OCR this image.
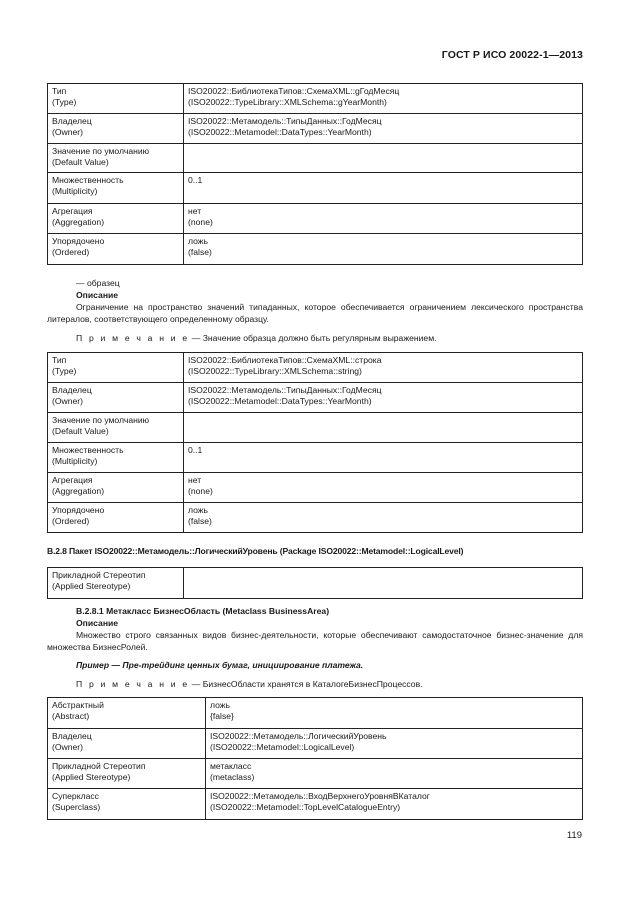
ГОСТ Р ИСО 20022-1—2013
Тип
(Type)	ISO20022::БиблиотекаТипов::СхемаXML::gГодМесяц
(ISO20022::TypeLibrary::XMLSchema::gYearMonth)

Владелец
(Owner)	ISO20022::Метамодель::ТипыДанных::ГодМесяц
(ISO20022::Metamodel::DataTypes::YearMonth)

Значение по умолчанию
(Default Value)	

Множественность
(Multiplicity)	0..1

Агрегация
(Aggregation)	нет
(none)

Упорядочено
(Ordered)	ложь
(false)
— образец
Описание
Ограничение на пространство значений типаданных, которое обеспечивается ограничением лексического пространства литералов, соответствующего определенному образцу.
П р и м е ч а н и е — Значение образца должно быть регулярным выражением.
Тип
(Type)	ISO20022::БиблиотекаТипов::СхемаXML::строка
(ISO20022::TypeLibrary::XMLSchema::string)

Владелец
(Owner)	ISO20022::Метамодель::ТипыДанных::ГодМесяц
(ISO20022::Metamodel::DataTypes::YearMonth)

Значение по умолчанию
(Default Value)	

Множественность
(Multiplicity)	0..1

Агрегация
(Aggregation)	нет
(none)

Упорядочено
(Ordered)	ложь
(false)
B.2.8 Пакет ISO20022::Метамодель::ЛогическийУровень (Package ISO20022::Metamodel::LogicalLevel)
Прикладной Стереотип
(Applied Stereotype)

B.2.8.1 Метакласс БизнесОбласть (Metaclass BusinessArea)
Описание
Множество строго связанных видов бизнес-деятельности, которые обеспечивают самодостаточное бизнес-значение для множества БизнесРолей.
Пример — Пре-трейдинг ценных бумаг, инициирование платежа.
П р и м е ч а н и е — БизнесОбласти хранятся в КаталогеБизнесПроцессов.
Абстрактный
(Abstract)	ложь
{false}

Владелец
(Owner)	ISO20022::Метамодель::ЛогическийУровень
(ISO20022::Metamodel::LogicalLevel)

Прикладной Стереотип
(Applied Stereotype)	метакласс
(metaclass)

Суперкласс
(Superclass)	ISO20022::Метамодель::ВходВерхнегоУровняВКаталог
(ISO20022::Metamodel::TopLevelCatalogueEntry)
119
